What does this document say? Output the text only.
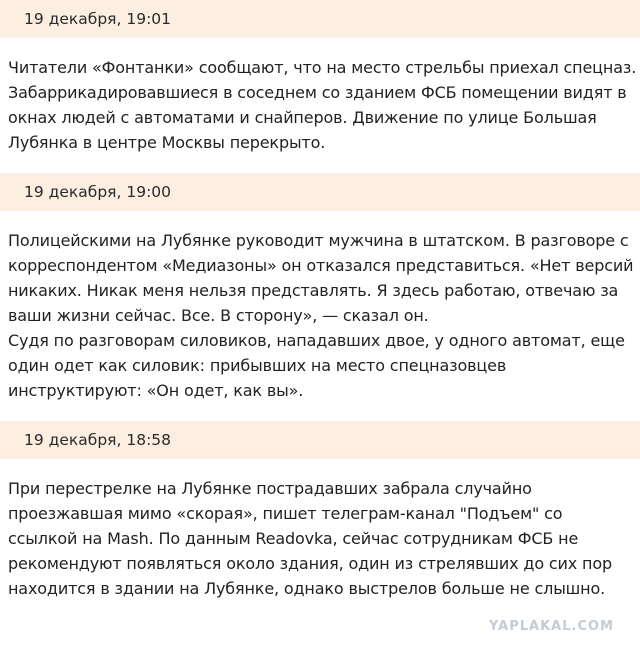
19 декабря, 19:01

Читатели «Фонтанки» сообщают, что на место стрельбы приехал спецназ.
Забаррикадировавшиеся в соседнем со зданием ФСБ помещении видят в
окнах людей с автоматами и снайперов. Движение по улице Большая
Лубянка в центре Москвы перекрыто.

19 декабря, 19:00

Полицейскими на Лубянке руководит мужчина в штатском. В разговоре с
корреспондентом «Медиазоны» он отказался представиться. «Нет версий
никаких. Никак меня нельзя представлять. Я здесь работаю, отвечаю за
ваши жизни сейчас. Все. В сторону», — сказал он.
Судя по разговорам силовиков, нападавших двое, у одного автомат, еще
один одет как силовик: прибывших на место спецназовцев
инструктируют: «Он одет, как вы».

19 декабря, 18:58

При перестрелке на Лубянке пострадавших забрала случайно
проезжавшая мимо «скорая», пишет телеграм-канал "Подъем" со
ссылкой на Mash. По данным Readovka, сейчас сотрудникам ФСБ не
рекомендуют появляться около здания, один из стрелявших до сих пор
находится в здании на Лубянке, однако выстрелов больше не слышно.

YAPLAKAL.COM
